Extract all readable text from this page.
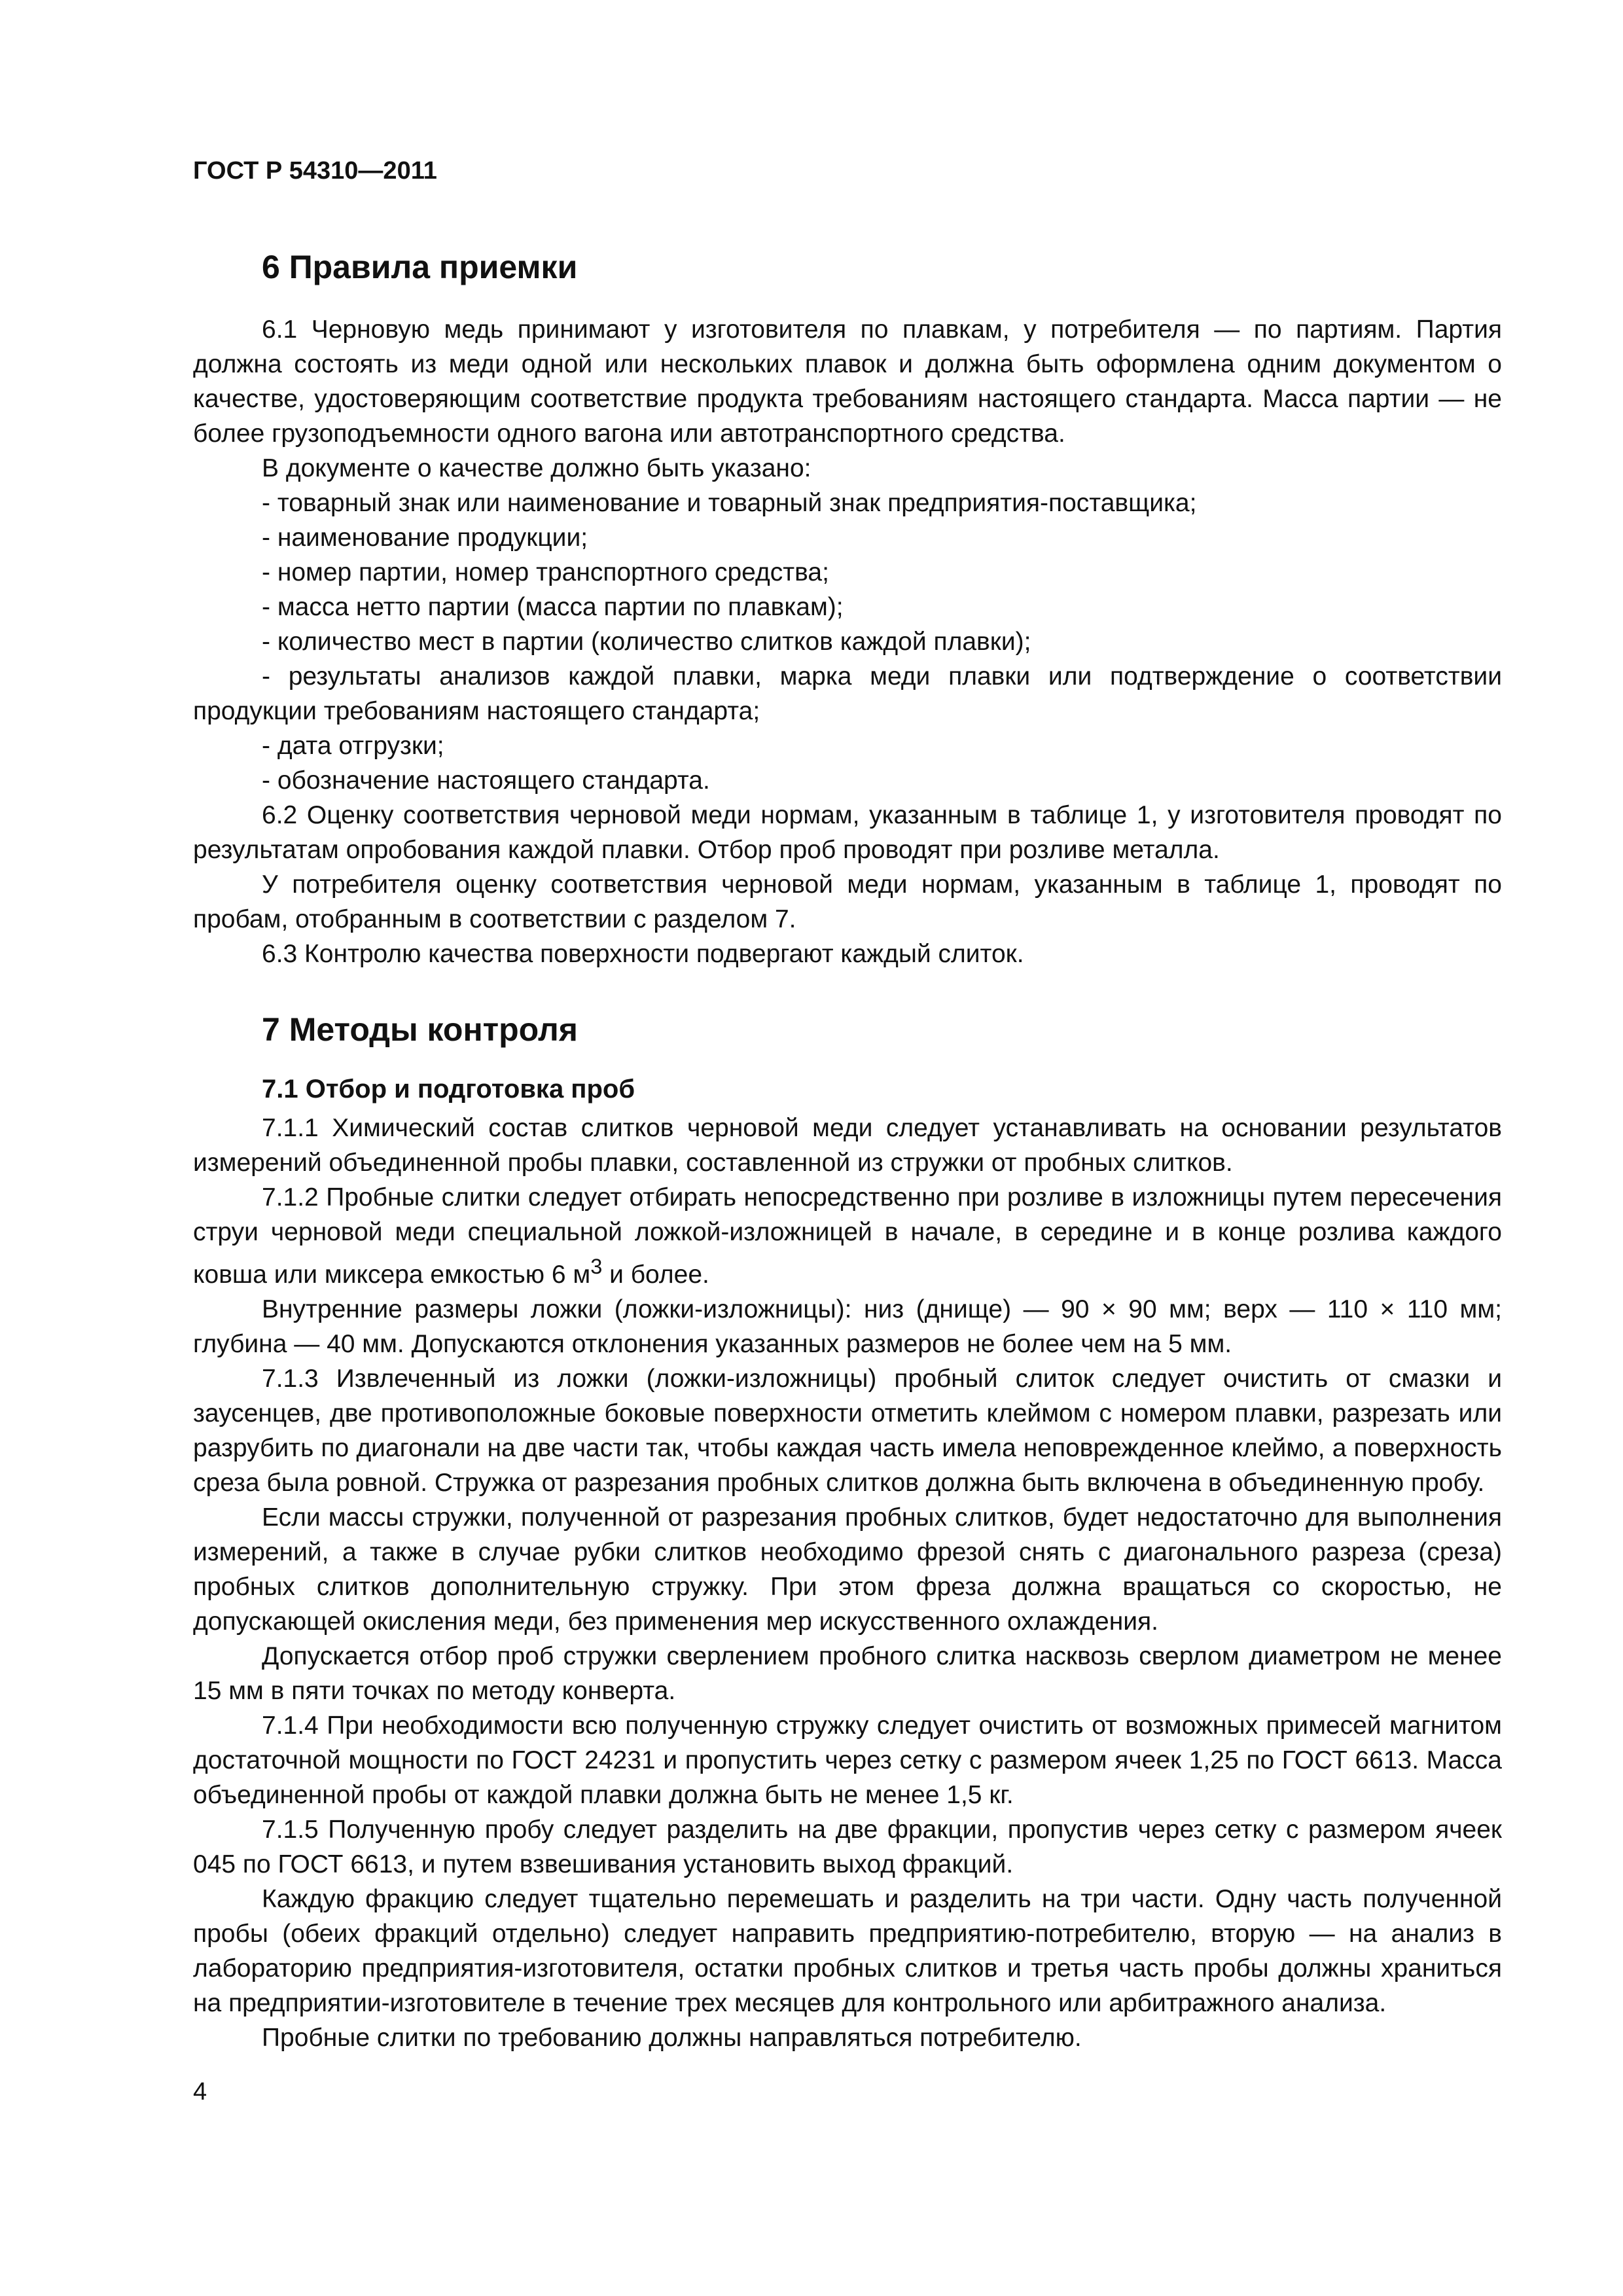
ГОСТ Р 54310—2011
6 Правила приемки

6.1 Черновую медь принимают у изготовителя по плавкам, у потребителя — по партиям. Партия должна состоять из меди одной или нескольких плавок и должна быть оформлена одним документом о качестве, удостоверяющим соответствие продукта требованиям настоящего стандарта. Масса партии — не более грузоподъемности одного вагона или автотранспортного средства.

В документе о качестве должно быть указано:

- товарный знак или наименование и товарный знак предприятия-поставщика;

- наименование продукции;

- номер партии, номер транспортного средства;

- масса нетто партии (масса партии по плавкам);

- количество мест в партии (количество слитков каждой плавки);

- результаты анализов каждой плавки, марка меди плавки или подтверждение о соответствии продукции требованиям настоящего стандарта;

- дата отгрузки;

- обозначение настоящего стандарта.

6.2 Оценку соответствия черновой меди нормам, указанным в таблице 1, у изготовителя проводят по результатам опробования каждой плавки. Отбор проб проводят при розливе металла.

У потребителя оценку соответствия черновой меди нормам, указанным в таблице 1, проводят по пробам, отобранным в соответствии с разделом 7.

6.3 Контролю качества поверхности подвергают каждый слиток.

7 Методы контроля
7.1 Отбор и подготовка проб

7.1.1 Химический состав слитков черновой меди следует устанавливать на основании результатов измерений объединенной пробы плавки, составленной из стружки от пробных слитков.

7.1.2 Пробные слитки следует отбирать непосредственно при розливе в изложницы путем пересечения струи черновой меди специальной ложкой-изложницей в начале, в середине и в конце розлива каждого ковша или миксера емкостью 6 $м^3$ и более.

Внутренние размеры ложки (ложки-изложницы): низ (днище) — 90 × 90 мм; верх — 110 × 110 мм; глубина — 40 мм. Допускаются отклонения указанных размеров не более чем на 5 мм.

7.1.3 Извлеченный из ложки (ложки-изложницы) пробный слиток следует очистить от смазки и заусенцев, две противоположные боковые поверхности отметить клеймом с номером плавки, разрезать или разрубить по диагонали на две части так, чтобы каждая часть имела неповрежденное клеймо, а поверхность среза была ровной. Стружка от разрезания пробных слитков должна быть включена в объединенную пробу.

Если массы стружки, полученной от разрезания пробных слитков, будет недостаточно для выполнения измерений, а также в случае рубки слитков необходимо фрезой снять с диагонального разреза (среза) пробных слитков дополнительную стружку. При этом фреза должна вращаться со скоростью, не допускающей окисления меди, без применения мер искусственного охлаждения.

Допускается отбор проб стружки сверлением пробного слитка насквозь сверлом диаметром не менее 15 мм в пяти точках по методу конверта.

7.1.4 При необходимости всю полученную стружку следует очистить от возможных примесей магнитом достаточной мощности по ГОСТ 24231 и пропустить через сетку с размером ячеек 1,25 по ГОСТ 6613. Масса объединенной пробы от каждой плавки должна быть не менее 1,5 кг.

7.1.5 Полученную пробу следует разделить на две фракции, пропустив через сетку с размером ячеек 045 по ГОСТ 6613, и путем взвешивания установить выход фракций.

Каждую фракцию следует тщательно перемешать и разделить на три части. Одну часть полученной пробы (обеих фракций отдельно) следует направить предприятию-потребителю, вторую — на анализ в лабораторию предприятия-изготовителя, остатки пробных слитков и третья часть пробы должны храниться на предприятии-изготовителе в течение трех месяцев для контрольного или арбитражного анализа.

Пробные слитки по требованию должны направляться потребителю.

4
